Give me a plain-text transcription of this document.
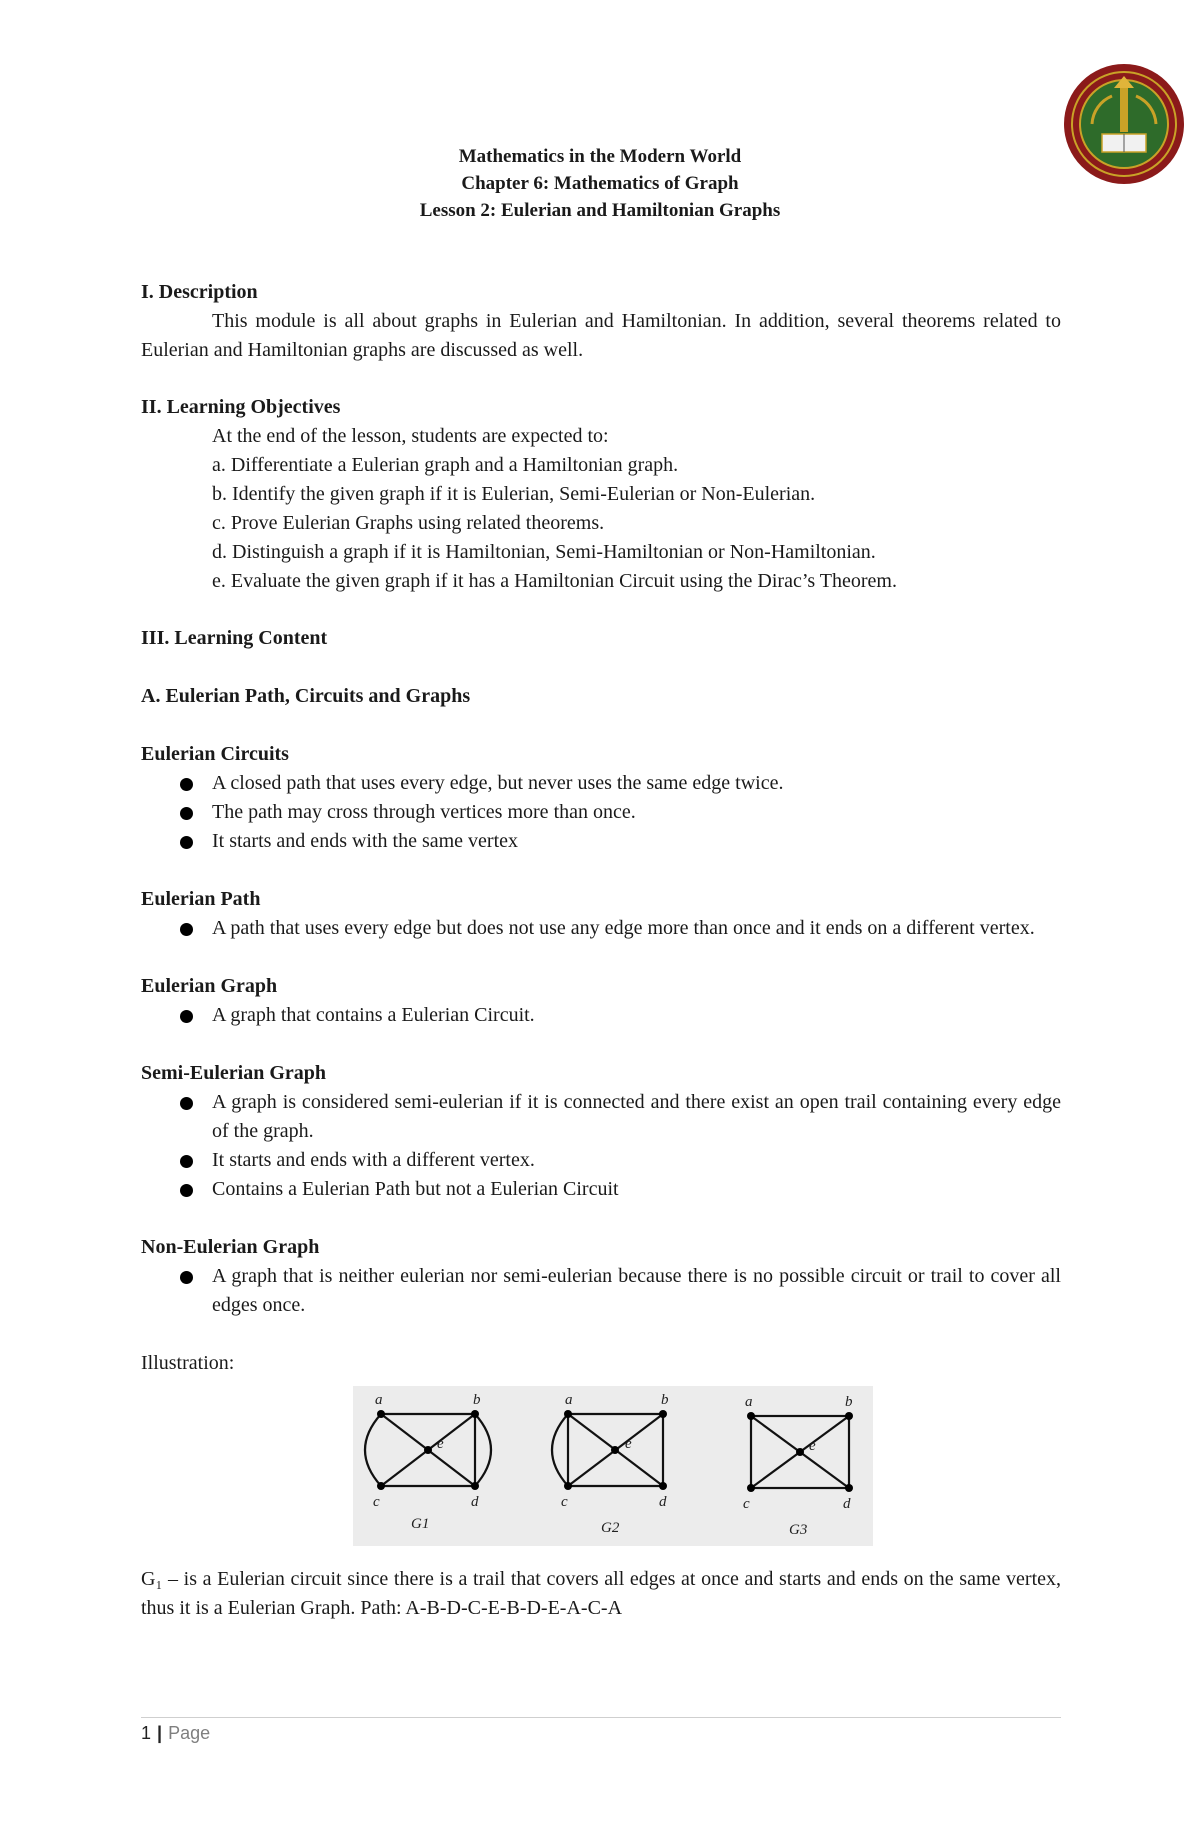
Mathematics in the Modern World
Chapter 6: Mathematics of Graph
Lesson 2: Eulerian and Hamiltonian Graphs
I. Description
This module is all about graphs in Eulerian and Hamiltonian. In addition, several theorems related to Eulerian and Hamiltonian graphs are discussed as well.
II. Learning Objectives
At the end of the lesson, students are expected to:
a. Differentiate a Eulerian graph and a Hamiltonian graph.
b. Identify the given graph if it is Eulerian, Semi-Eulerian or Non-Eulerian.
c. Prove Eulerian Graphs using related theorems.
d. Distinguish a graph if it is Hamiltonian, Semi-Hamiltonian or Non-Hamiltonian.
e. Evaluate the given graph if it has a Hamiltonian Circuit using the Dirac’s Theorem.
III. Learning Content
A. Eulerian Path, Circuits and Graphs
Eulerian Circuits
A closed path that uses every edge, but never uses the same edge twice.
The path may cross through vertices more than once.
It starts and ends with the same vertex
Eulerian Path
A path that uses every edge but does not use any edge more than once and it ends on a different vertex.
Eulerian Graph
A graph that contains a Eulerian Circuit.
Semi-Eulerian Graph
A graph is considered semi-eulerian if it is connected and there exist an open trail containing every edge of the graph.
It starts and ends with a different vertex.
Contains a Eulerian Path but not a Eulerian Circuit
Non-Eulerian Graph
A graph that is neither eulerian nor semi-eulerian because there is no possible circuit or trail to cover all edges once.
Illustration:
a	b
c	d
e
G1
a	b
c	d
e
G2
a	b
c	d
e
G3
G₁ – is a Eulerian circuit since there is a trail that covers all edges at once and starts and ends on the same vertex, thus it is a Eulerian Graph. Path: A-B-D-C-E-B-D-E-A-C-A
1 | Page
